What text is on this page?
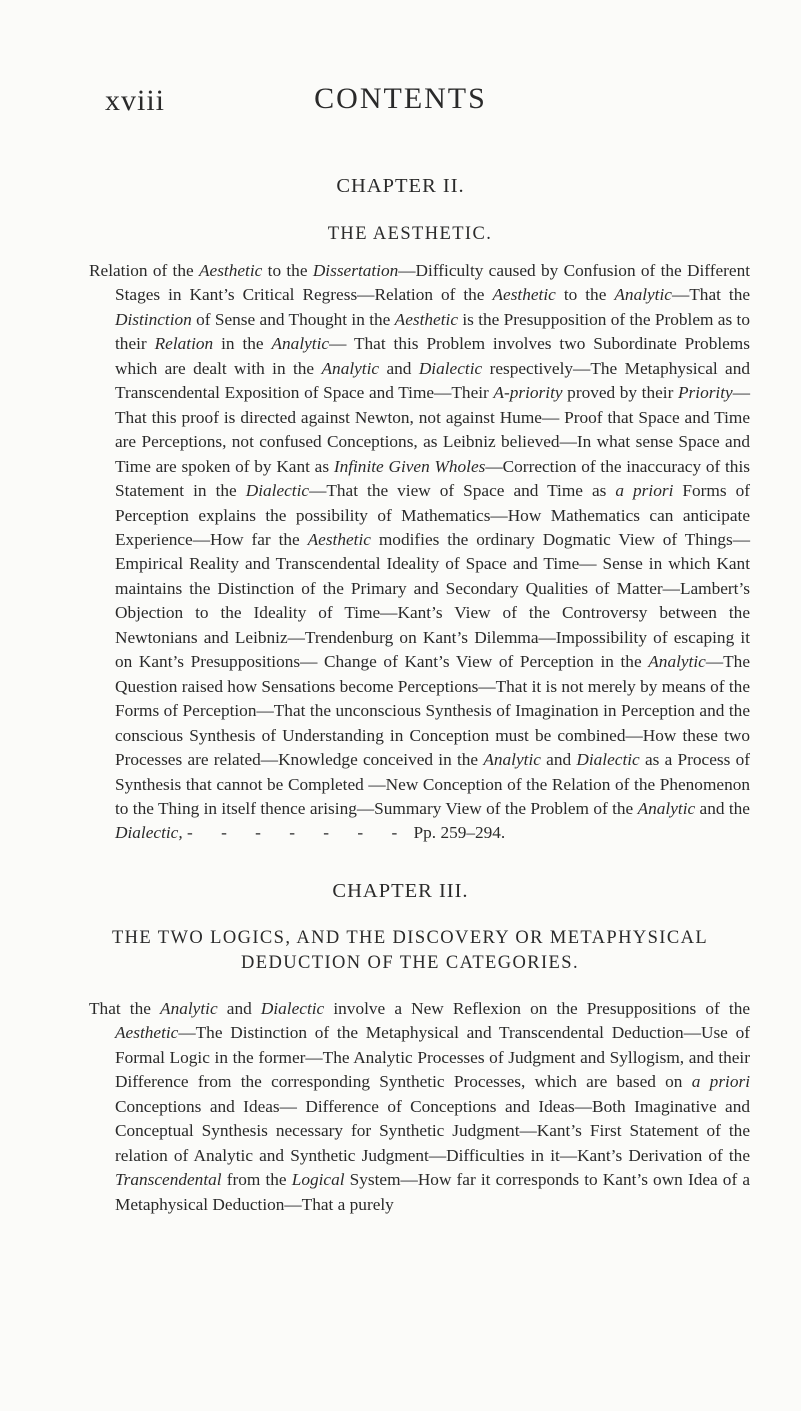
xviii	CONTENTS
CHAPTER II.
THE AESTHETIC.
Relation of the Aesthetic to the Dissertation—Difficulty caused by Confusion of the Different Stages in Kant’s Critical Regress—Relation of the Aesthetic to the Analytic—That the Distinction of Sense and Thought in the Aesthetic is the Presupposition of the Problem as to their Relation in the Analytic— That this Problem involves two Subordinate Problems which are dealt with in the Analytic and Dialectic respectively—The Metaphysical and Transcendental Exposition of Space and Time—Their A-priority proved by their Priority—That this proof is directed against Newton, not against Hume— Proof that Space and Time are Perceptions, not confused Conceptions, as Leibniz believed—In what sense Space and Time are spoken of by Kant as Infinite Given Wholes—Correction of the inaccuracy of this Statement in the Dialectic—That the view of Space and Time as a priori Forms of Perception explains the possibility of Mathematics—How Mathematics can anticipate Experience—How far the Aesthetic modifies the ordinary Dogmatic View of Things—Empirical Reality and Transcendental Ideality of Space and Time— Sense in which Kant maintains the Distinction of the Primary and Secondary Qualities of Matter—Lambert’s Objection to the Ideality of Time—Kant’s View of the Controversy between the Newtonians and Leibniz—Trendenburg on Kant’s Dilemma—Impossibility of escaping it on Kant’s Presuppositions— Change of Kant’s View of Perception in the Analytic—The Question raised how Sensations become Perceptions—That it is not merely by means of the Forms of Perception—That the unconscious Synthesis of Imagination in Perception and the conscious Synthesis of Understanding in Conception must be combined—How these two Processes are related—Knowledge conceived in the Analytic and Dialectic as a Process of Synthesis that cannot be Completed —New Conception of the Relation of the Phenomenon to the Thing in itself thence arising—Summary View of the Problem of the Analytic and the Dialectic, - - - - - - - Pp. 259–294.
CHAPTER III.
THE TWO LOGICS, AND THE DISCOVERY OR METAPHYSICAL
DEDUCTION OF THE CATEGORIES.
That the Analytic and Dialectic involve a New Reflexion on the Presuppositions of the Aesthetic—The Distinction of the Metaphysical and Transcendental Deduction—Use of Formal Logic in the former—The Analytic Processes of Judgment and Syllogism, and their Difference from the corresponding Synthetic Processes, which are based on a priori Conceptions and Ideas— Difference of Conceptions and Ideas—Both Imaginative and Conceptual Synthesis necessary for Synthetic Judgment—Kant’s First Statement of the relation of Analytic and Synthetic Judgment—Difficulties in it—Kant’s Derivation of the Transcendental from the Logical System—How far it corresponds to Kant’s own Idea of a Metaphysical Deduction—That a purely
